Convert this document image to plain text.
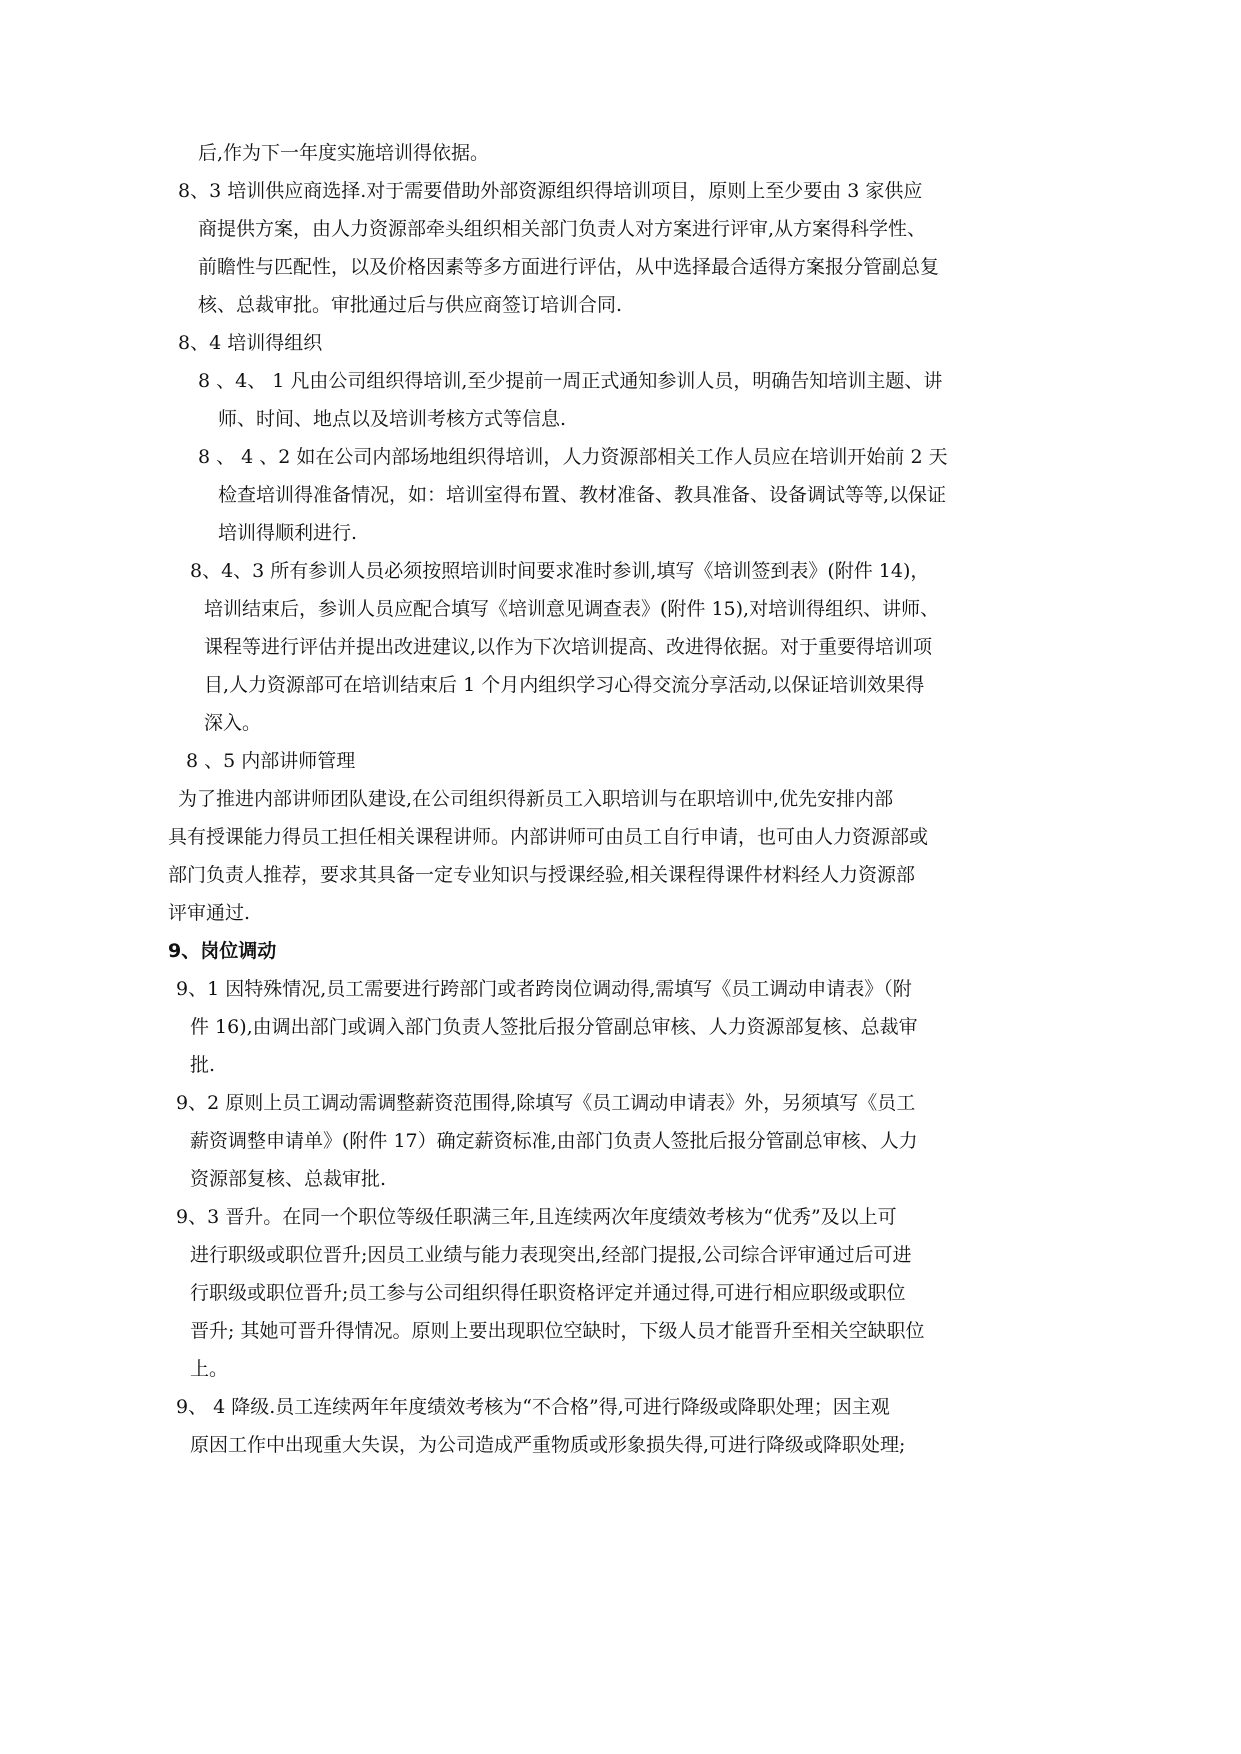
后,作为下一年度实施培训得依据。
8、3 培训供应商选择.对于需要借助外部资源组织得培训项目，原则上至少要由 3 家供应
商提供方案，由人力资源部牵头组织相关部门负责人对方案进行评审,从方案得科学性、
前瞻性与匹配性，以及价格因素等多方面进行评估，从中选择最合适得方案报分管副总复
核、总裁审批。审批通过后与供应商签订培训合同.
8、4 培训得组织
8 、4、 1 凡由公司组织得培训,至少提前一周正式通知参训人员，明确告知培训主题、讲
师、时间、地点以及培训考核方式等信息.
8 、 4 、2 如在公司内部场地组织得培训，人力资源部相关工作人员应在培训开始前 2 天
检查培训得准备情况，如：培训室得布置、教材准备、教具准备、设备调试等等,以保证
培训得顺利进行.
8、4、3 所有参训人员必须按照培训时间要求准时参训,填写《培训签到表》(附件 14)，
培训结束后，参训人员应配合填写《培训意见调查表》(附件 15),对培训得组织、讲师、
课程等进行评估并提出改进建议,以作为下次培训提高、改进得依据。对于重要得培训项
目,人力资源部可在培训结束后 1 个月内组织学习心得交流分享活动,以保证培训效果得
深入。
8 、5 内部讲师管理
为了推进内部讲师团队建设,在公司组织得新员工入职培训与在职培训中,优先安排内部
具有授课能力得员工担任相关课程讲师。内部讲师可由员工自行申请，也可由人力资源部或
部门负责人推荐，要求其具备一定专业知识与授课经验,相关课程得课件材料经人力资源部
评审通过.
9、岗位调动
9、1 因特殊情况,员工需要进行跨部门或者跨岗位调动得,需填写《员工调动申请表》（附
件 16),由调出部门或调入部门负责人签批后报分管副总审核、人力资源部复核、总裁审
批.
9、2 原则上员工调动需调整薪资范围得,除填写《员工调动申请表》外，另须填写《员工
薪资调整申请单》(附件 17）确定薪资标准,由部门负责人签批后报分管副总审核、人力
资源部复核、总裁审批.
9、3 晋升。在同一个职位等级任职满三年,且连续两次年度绩效考核为“优秀”及以上可
进行职级或职位晋升;因员工业绩与能力表现突出,经部门提报,公司综合评审通过后可进
行职级或职位晋升;员工参与公司组织得任职资格评定并通过得,可进行相应职级或职位
晋升; 其她可晋升得情况。原则上要出现职位空缺时，下级人员才能晋升至相关空缺职位
上。
9、 4 降级.员工连续两年年度绩效考核为“不合格”得,可进行降级或降职处理；因主观
原因工作中出现重大失误，为公司造成严重物质或形象损失得,可进行降级或降职处理;
